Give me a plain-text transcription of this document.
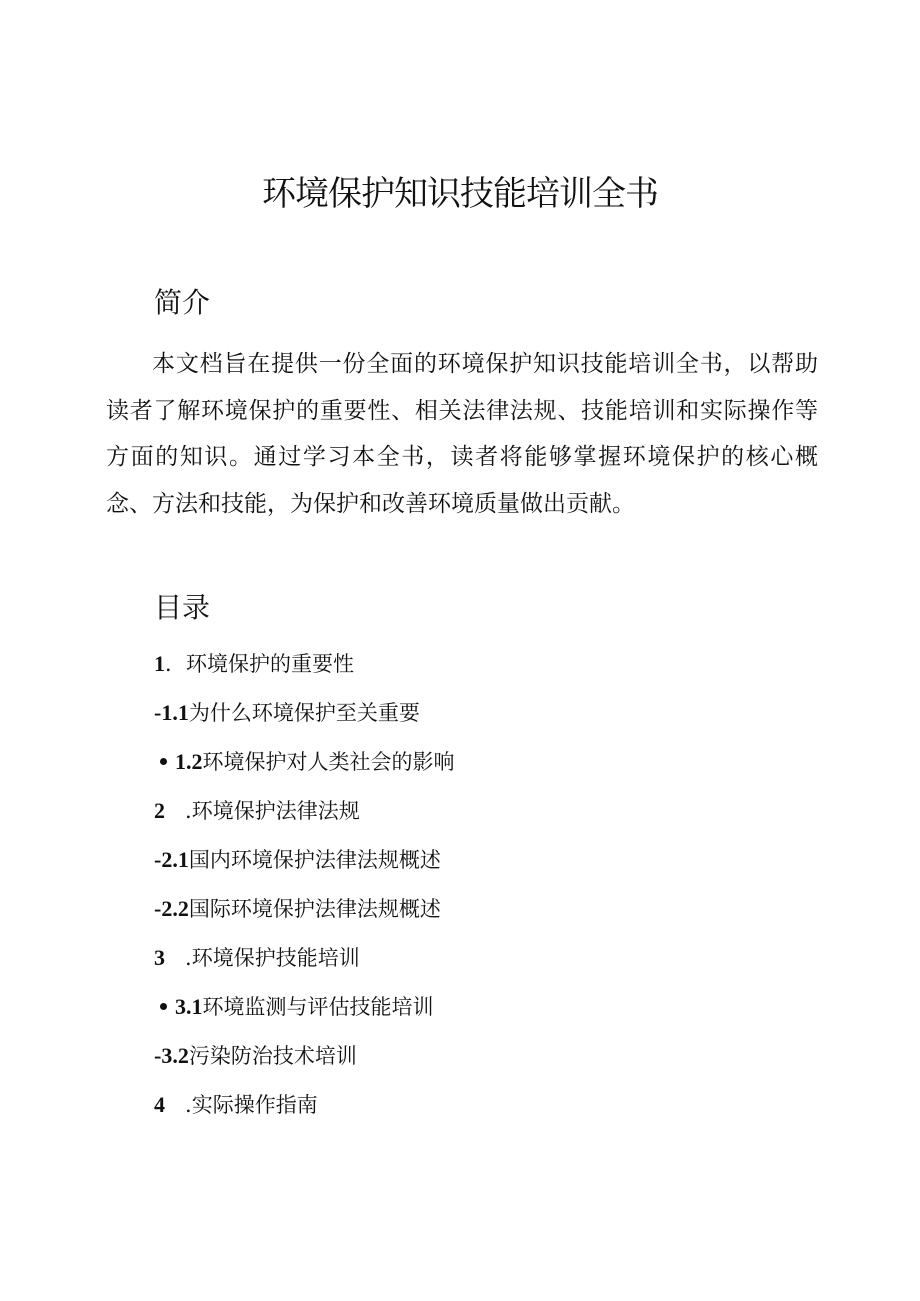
环境保护知识技能培训全书
简介

本文档旨在提供一份全面的环境保护知识技能培训全书，以帮助读者了解环境保护的重要性、相关法律法规、技能培训和实际操作等方面的知识。通过学习本全书，读者将能够掌握环境保护的核心概念、方法和技能，为保护和改善环境质量做出贡献。

目录
1．环境保护的重要性
-1.1为什么环境保护至关重要
1.2环境保护对人类社会的影响
2   .环境保护法律法规
-2.1国内环境保护法律法规概述
-2.2国际环境保护法律法规概述
3   .环境保护技能培训
3.1环境监测与评估技能培训
-3.2污染防治技术培训
4   .实际操作指南
